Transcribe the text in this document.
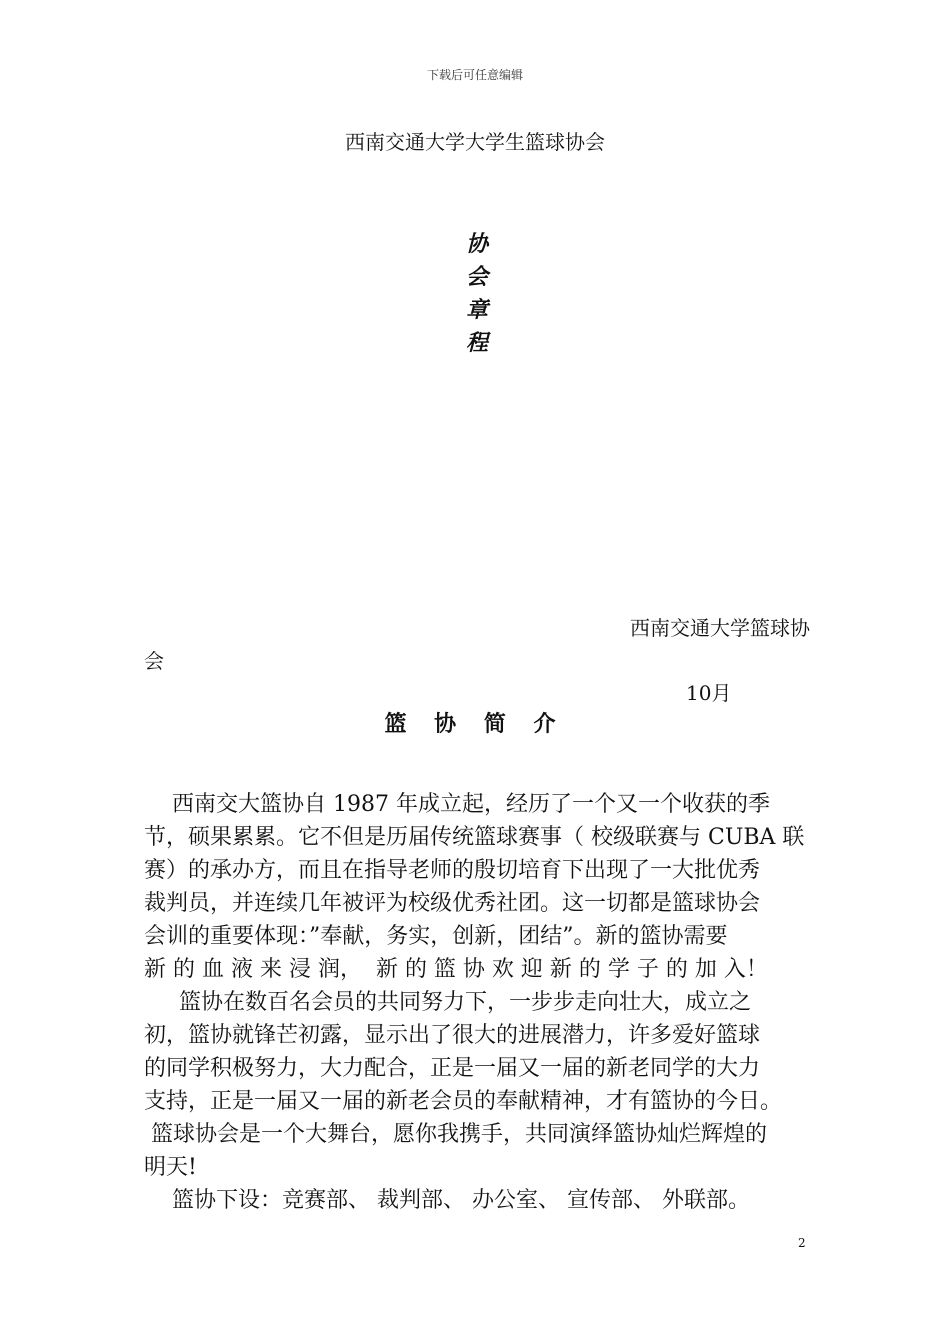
下载后可任意编辑
西南交通大学大学生篮球协会
协
会
章
程
西南交通大学篮球协
会
10月
篮 协 简 介
西南交大篮协自 1987 年成立起，经历了一个又一个收获的季
节，硕果累累。它不但是历届传统篮球赛事（ 校级联赛与 CUBA 联
赛）的承办方，而且在指导老师的殷切培育下出现了一大批优秀
裁判员，并连续几年被评为校级优秀社团。这一切都是篮球协会
会训的重要体现：”奉献，务实，创新，团结”。新的篮协需要
新 的 血 液 来 浸 润，  新 的 篮 协 欢 迎 新 的 学 子 的 加 入！
篮协在数百名会员的共同努力下，一步步走向壮大，成立之
初，篮协就锋芒初露，显示出了很大的进展潜力，许多爱好篮球
的同学积极努力，大力配合，正是一届又一届的新老同学的大力
支持，正是一届又一届的新老会员的奉献精神，才有篮协的今日。
篮球协会是一个大舞台，愿你我携手，共同演绎篮协灿烂辉煌的
明天!
篮协下设：竞赛部、 裁判部、 办公室、 宣传部、 外联部。
2
